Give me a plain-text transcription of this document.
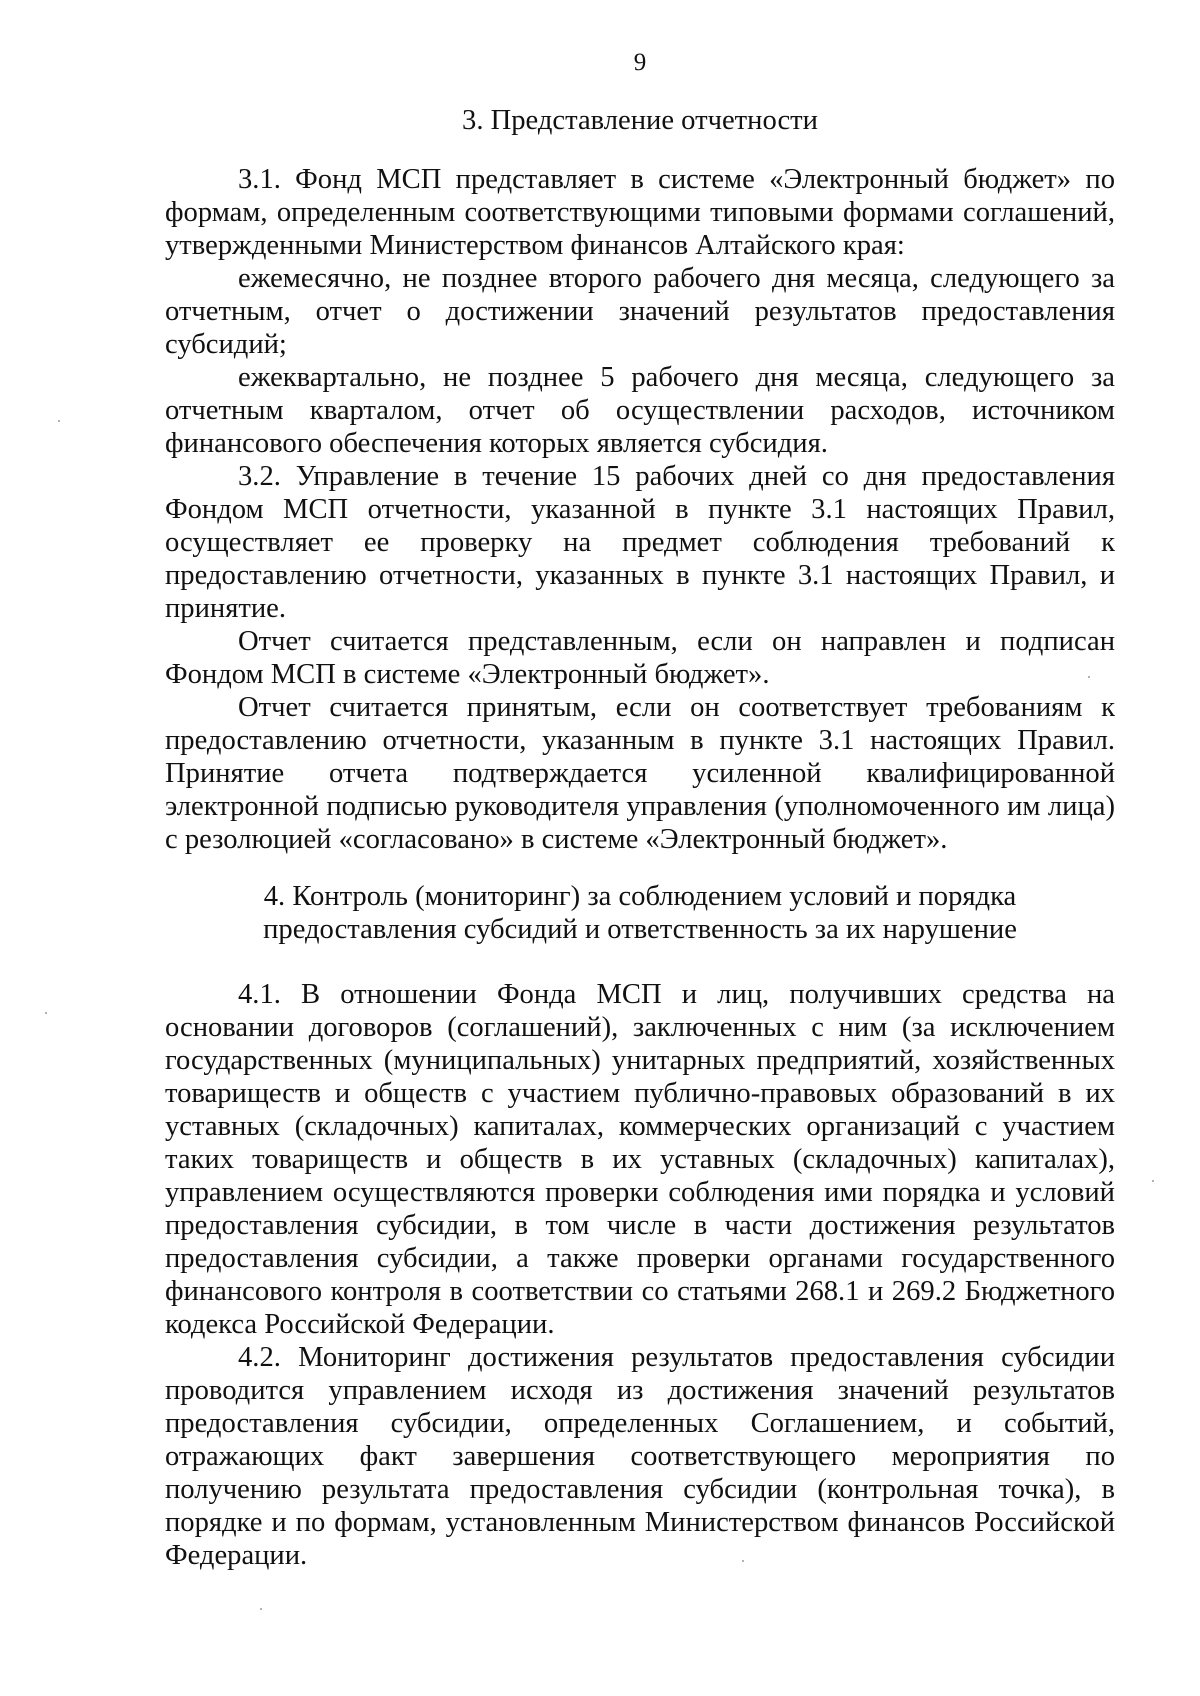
9

3. Представление отчетности

3.1. Фонд МСП представляет в системе «Электронный бюджет» по формам, определенным соответствующими типовыми формами соглашений, утвержденными Министерством финансов Алтайского края:

ежемесячно, не позднее второго рабочего дня месяца, следующего за отчетным, отчет о достижении значений результатов предоставления субсидий;

ежеквартально, не позднее 5 рабочего дня месяца, следующего за отчетным кварталом, отчет об осуществлении расходов, источником финансового обеспечения которых является субсидия.

3.2. Управление в течение 15 рабочих дней со дня предоставления Фондом МСП отчетности, указанной в пункте 3.1 настоящих Правил, осуществляет ее проверку на предмет соблюдения требований к предоставлению отчетности, указанных в пункте 3.1 настоящих Правил, и принятие.

Отчет считается представленным, если он направлен и подписан Фондом МСП в системе «Электронный бюджет».

Отчет считается принятым, если он соответствует требованиям к предоставлению отчетности, указанным в пункте 3.1 настоящих Правил. Принятие отчета подтверждается усиленной квалифицированной электронной подписью руководителя управления (уполномоченного им лица) с резолюцией «согласовано» в системе «Электронный бюджет».

4. Контроль (мониторинг) за соблюдением условий и порядка
предоставления субсидий и ответственность за их нарушение

4.1. В отношении Фонда МСП и лиц, получивших средства на основании договоров (соглашений), заключенных с ним (за исключением государственных (муниципальных) унитарных предприятий, хозяйственных товариществ и обществ с участием публично-правовых образований в их уставных (складочных) капиталах, коммерческих организаций с участием таких товариществ и обществ в их уставных (складочных) капиталах), управлением осуществляются проверки соблюдения ими порядка и условий предоставления субсидии, в том числе в части достижения результатов предоставления субсидии, а также проверки органами государственного финансового контроля в соответствии со статьями 268.1 и 269.2 Бюджетного кодекса Российской Федерации.

4.2. Мониторинг достижения результатов предоставления субсидии проводится управлением исходя из достижения значений результатов предоставления субсидии, определенных Соглашением, и событий, отражающих факт завершения соответствующего мероприятия по получению результата предоставления субсидии (контрольная точка), в порядке и по формам, установленным Министерством финансов Российской Федерации.
